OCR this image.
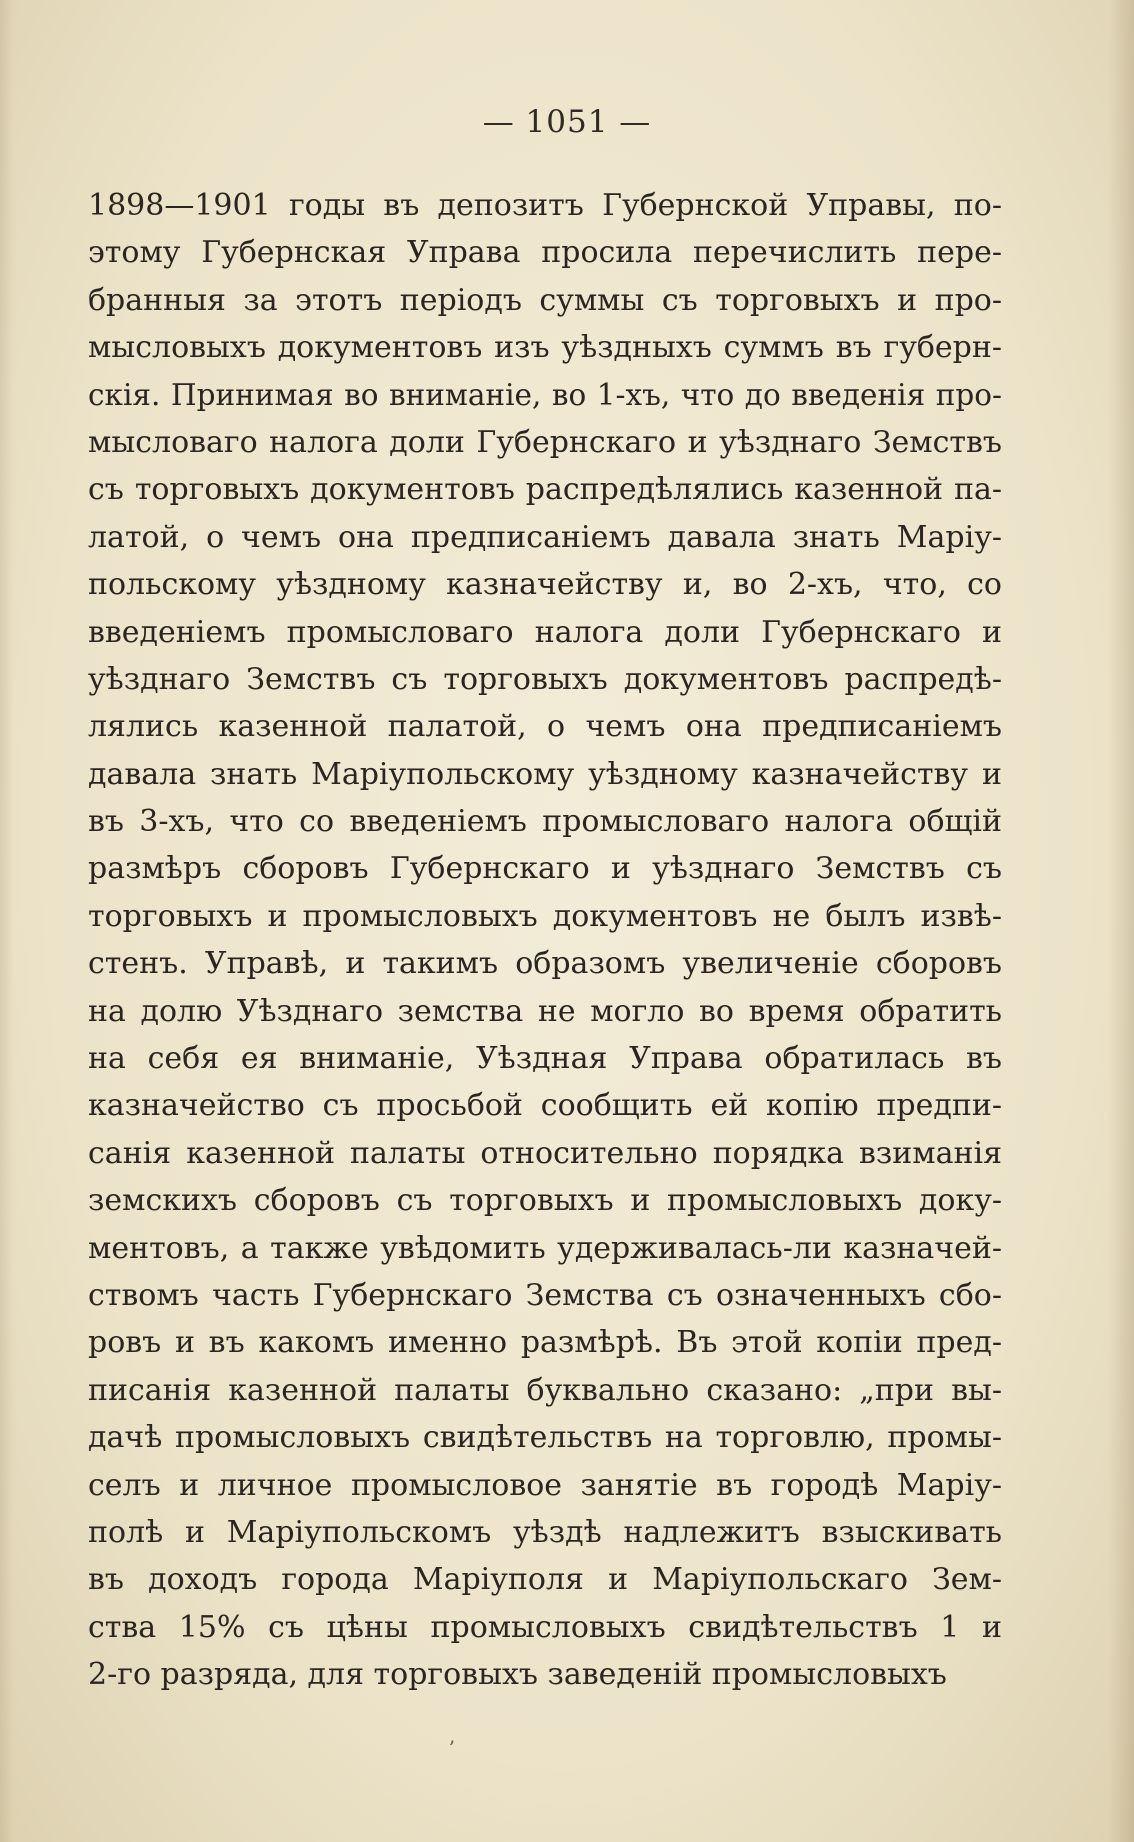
— 1051 —
1898—1901 годы въ депозитъ Губернской Управы, по-
этому Губернская Управа просила перечислить пере-
бранныя за этотъ періодъ суммы съ торговыхъ и про-
мысловыхъ документовъ изъ уѣздныхъ суммъ въ губерн-
скія. Принимая во вниманіе, во 1-хъ, что до введенія про-
мысловаго налога доли Губернскаго и уѣзднаго Земствъ
съ торговыхъ документовъ распредѣлялись казенной па-
латой, о чемъ она предписаніемъ давала знать Маріу-
польскому уѣздному казначейству и, во 2-хъ, что, со
введеніемъ промысловаго налога доли Губернскаго и
уѣзднаго Земствъ съ торговыхъ документовъ распредѣ-
лялись казенной палатой, о чемъ она предписаніемъ
давала знать Маріупольскому уѣздному казначейству и
въ 3-хъ, что со введеніемъ промысловаго налога общій
размѣръ сборовъ Губернскаго и уѣзднаго Земствъ съ
торговыхъ и промысловыхъ документовъ не былъ извѣ-
стенъ. Управѣ, и такимъ образомъ увеличеніе сборовъ
на долю Уѣзднаго земства не могло во время обратить
на себя ея вниманіе, Уѣздная Управа обратилась въ
казначейство съ просьбой сообщить ей копію предпи-
санія казенной палаты относительно порядка взиманія
земскихъ сборовъ съ торговыхъ и промысловыхъ доку-
ментовъ, а также увѣдомить удерживалась-ли казначей-
ствомъ часть Губернскаго Земства съ означенныхъ сбо-
ровъ и въ какомъ именно размѣрѣ. Въ этой копіи пред-
писанія казенной палаты буквально сказано: „при вы-
дачѣ промысловыхъ свидѣтельствъ на торговлю, промы-
селъ и личное промысловое занятіе въ городѣ Маріу-
полѣ и Маріупольскомъ уѣздѣ надлежитъ взыскивать
въ доходъ города Маріуполя и Маріупольскаго Зем-
ства 15% съ цѣны промысловыхъ свидѣтельствъ 1 и
2-го разряда, для торговыхъ заведеній промысловыхъ
ʼ
